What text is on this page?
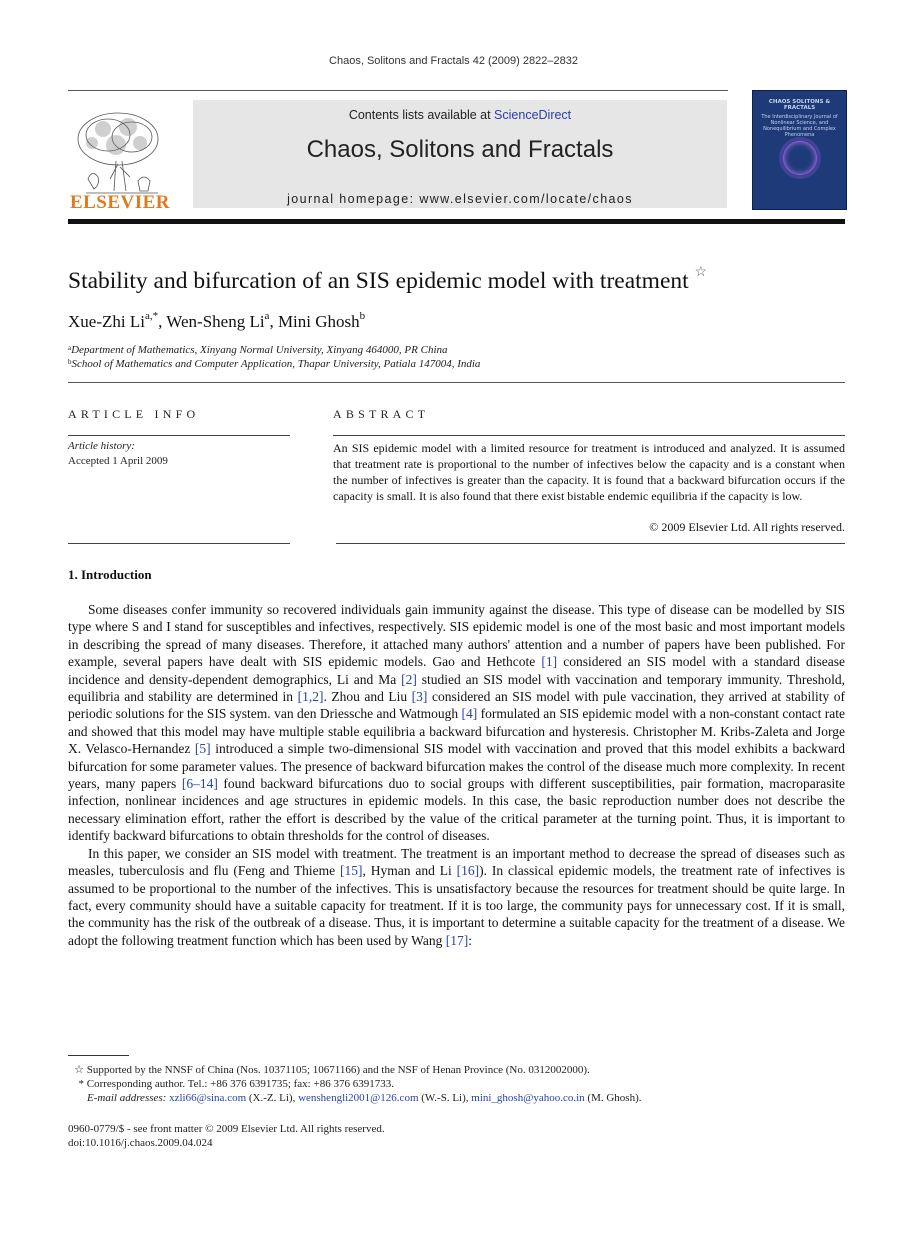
Chaos, Solitons and Fractals 42 (2009) 2822–2832
ELSEVIER
Contents lists available at ScienceDirect
Chaos, Solitons and Fractals
journal homepage: www.elsevier.com/locate/chaos
CHAOS SOLITONS & FRACTALS
The Interdisciplinary Journal of Nonlinear Science, and Nonequilibrium and Complex Phenomena
Stability and bifurcation of an SIS epidemic model with treatment ☆
Xue-Zhi $Li^{a,*}$, Wen-Sheng Li$^a$, Mini Ghosh$^b$
$^a$Department of Mathematics, Xinyang Normal University, Xinyang 464000, PR China
$^b$School of Mathematics and Computer Application, Thapar University, Patiala 147004, India
ARTICLE INFO
Article history:
Accepted 1 April 2009
ABSTRACT
An SIS epidemic model with a limited resource for treatment is introduced and analyzed. It is assumed that treatment rate is proportional to the number of infectives below the capacity and is a constant when the number of infectives is greater than the capacity. It is found that a backward bifurcation occurs if the capacity is small. It is also found that there exist bistable endemic equilibria if the capacity is low.
© 2009 Elsevier Ltd. All rights reserved.
1. Introduction

Some diseases confer immunity so recovered individuals gain immunity against the disease. This type of disease can be modelled by SIS type where S and I stand for susceptibles and infectives, respectively. SIS epidemic model is one of the most basic and most important models in describing the spread of many diseases. Therefore, it attached many authors' attention and a number of papers have been published. For example, several papers have dealt with SIS epidemic models. Gao and Hethcote [1] considered an SIS model with a standard disease incidence and density-dependent demographics, Li and Ma [2] studied an SIS model with vaccination and temporary immunity. Threshold, equilibria and stability are determined in [1,2]. Zhou and Liu [3] considered an SIS model with pule vaccination, they arrived at stability of periodic solutions for the SIS system. van den Driessche and Watmough [4] formulated an SIS epidemic model with a non-constant contact rate and showed that this model may have multiple stable equilibria a backward bifurcation and hysteresis. Christopher M. Kribs-Zaleta and Jorge X. Velasco-Hernandez [5] introduced a simple two-dimensional SIS model with vaccination and proved that this model exhibits a backward bifurcation for some parameter values. The presence of backward bifurcation makes the control of the disease much more complexity. In recent years, many papers [6–14] found backward bifurcations duo to social groups with different susceptibilities, pair formation, macroparasite infection, nonlinear incidences and age structures in epidemic models. In this case, the basic reproduction number does not describe the necessary elimination effort, rather the effort is described by the value of the critical parameter at the turning point. Thus, it is important to identify backward bifurcations to obtain thresholds for the control of diseases.

In this paper, we consider an SIS model with treatment. The treatment is an important method to decrease the spread of diseases such as measles, tuberculosis and flu (Feng and Thieme [15], Hyman and Li [16]). In classical epidemic models, the treatment rate of infectives is assumed to be proportional to the number of the infectives. This is unsatisfactory because the resources for treatment should be quite large. In fact, every community should have a suitable capacity for treatment. If it is too large, the community pays for unnecessary cost. If it is small, the community has the risk of the outbreak of a disease. Thus, it is important to determine a suitable capacity for the treatment of a disease. We adopt the following treatment function which has been used by Wang [17]:

☆ Supported by the NNSF of China (Nos. 10371105; 10671166) and the NSF of Henan Province (No. 0312002000).
* Corresponding author. Tel.: +86 376 6391735; fax: +86 376 6391733.
E-mail addresses: xzli66@sina.com (X.-Z. Li), wenshengli2001@126.com (W.-S. Li), mini_ghosh@yahoo.co.in (M. Ghosh).
0960-0779/$ - see front matter © 2009 Elsevier Ltd. All rights reserved.
doi:10.1016/j.chaos.2009.04.024
